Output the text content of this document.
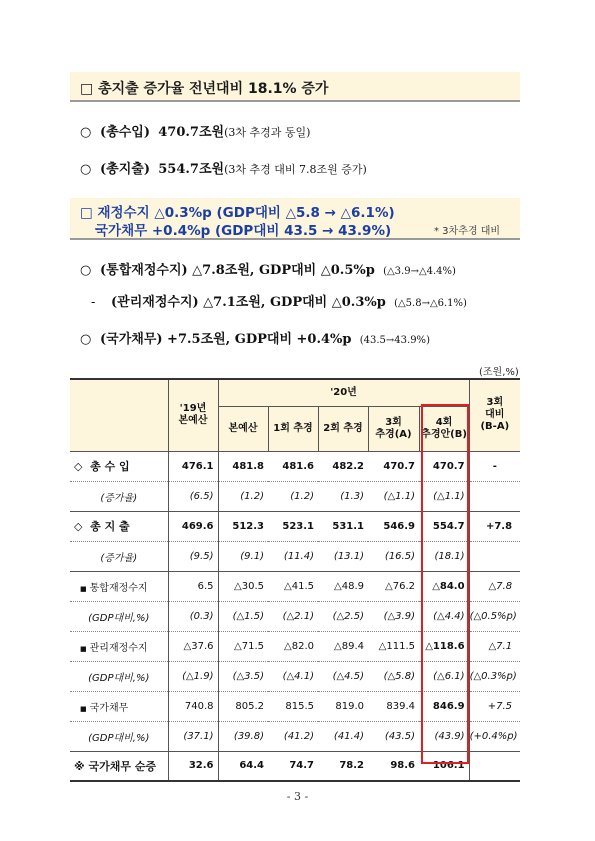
□ 총지출 증가율 전년대비 18.1% 증가
○ (총수입) 470.7조원(3차 추경과 동일)
○ (총지출) 554.7조원(3차 추경 대비 7.8조원 증가)
□ 재정수지 △0.3%p (GDP대비 △5.8 → △6.1%)
국가채무 +0.4%p (GDP대비 43.5 → 43.9%)	* 3차추경 대비
○ (통합재정수지) △7.8조원, GDP대비 △0.5%p (△3.9→△4.4%)
- (관리재정수지) △7.1조원, GDP대비 △0.3%p (△5.8→△6.1%)
○ (국가채무) +7.5조원, GDP대비 +0.4%p (43.5→43.9%)
(조원,%)
	'19년
본예산	'20년					3회
대비
(B-A)
		본예산	1회 추경	2회 추경	3회
추경(A)	4회
추경안(B)	
◇ 총 수 입	476.1	481.8	481.6	482.2	470.7	470.7	-
(증가율)	(6.5)	(1.2)	(1.2)	(1.3)	(△1.1)	(△1.1)	
◇ 총 지 출	469.6	512.3	523.1	531.1	546.9	554.7	+7.8
(증가율)	(9.5)	(9.1)	(11.4)	(13.1)	(16.5)	(18.1)	
■ 통합재정수지	6.5	△30.5	△41.5	△48.9	△76.2	△84.0	△7.8
(GDP대비,%)	(0.3)	(△1.5)	(△2.1)	(△2.5)	(△3.9)	(△4.4)	(△0.5%p)
■ 관리재정수지	△37.6	△71.5	△82.0	△89.4	△111.5	△118.6	△7.1
(GDP대비,%)	(△1.9)	(△3.5)	(△4.1)	(△4.5)	(△5.8)	(△6.1)	(△0.3%p)
■ 국가채무	740.8	805.2	815.5	819.0	839.4	846.9	+7.5
(GDP대비,%)	(37.1)	(39.8)	(41.2)	(41.4)	(43.5)	(43.9)	(+0.4%p)
※ 국가채무 순증	32.6	64.4	74.7	78.2	98.6	106.1	
- 3 -
